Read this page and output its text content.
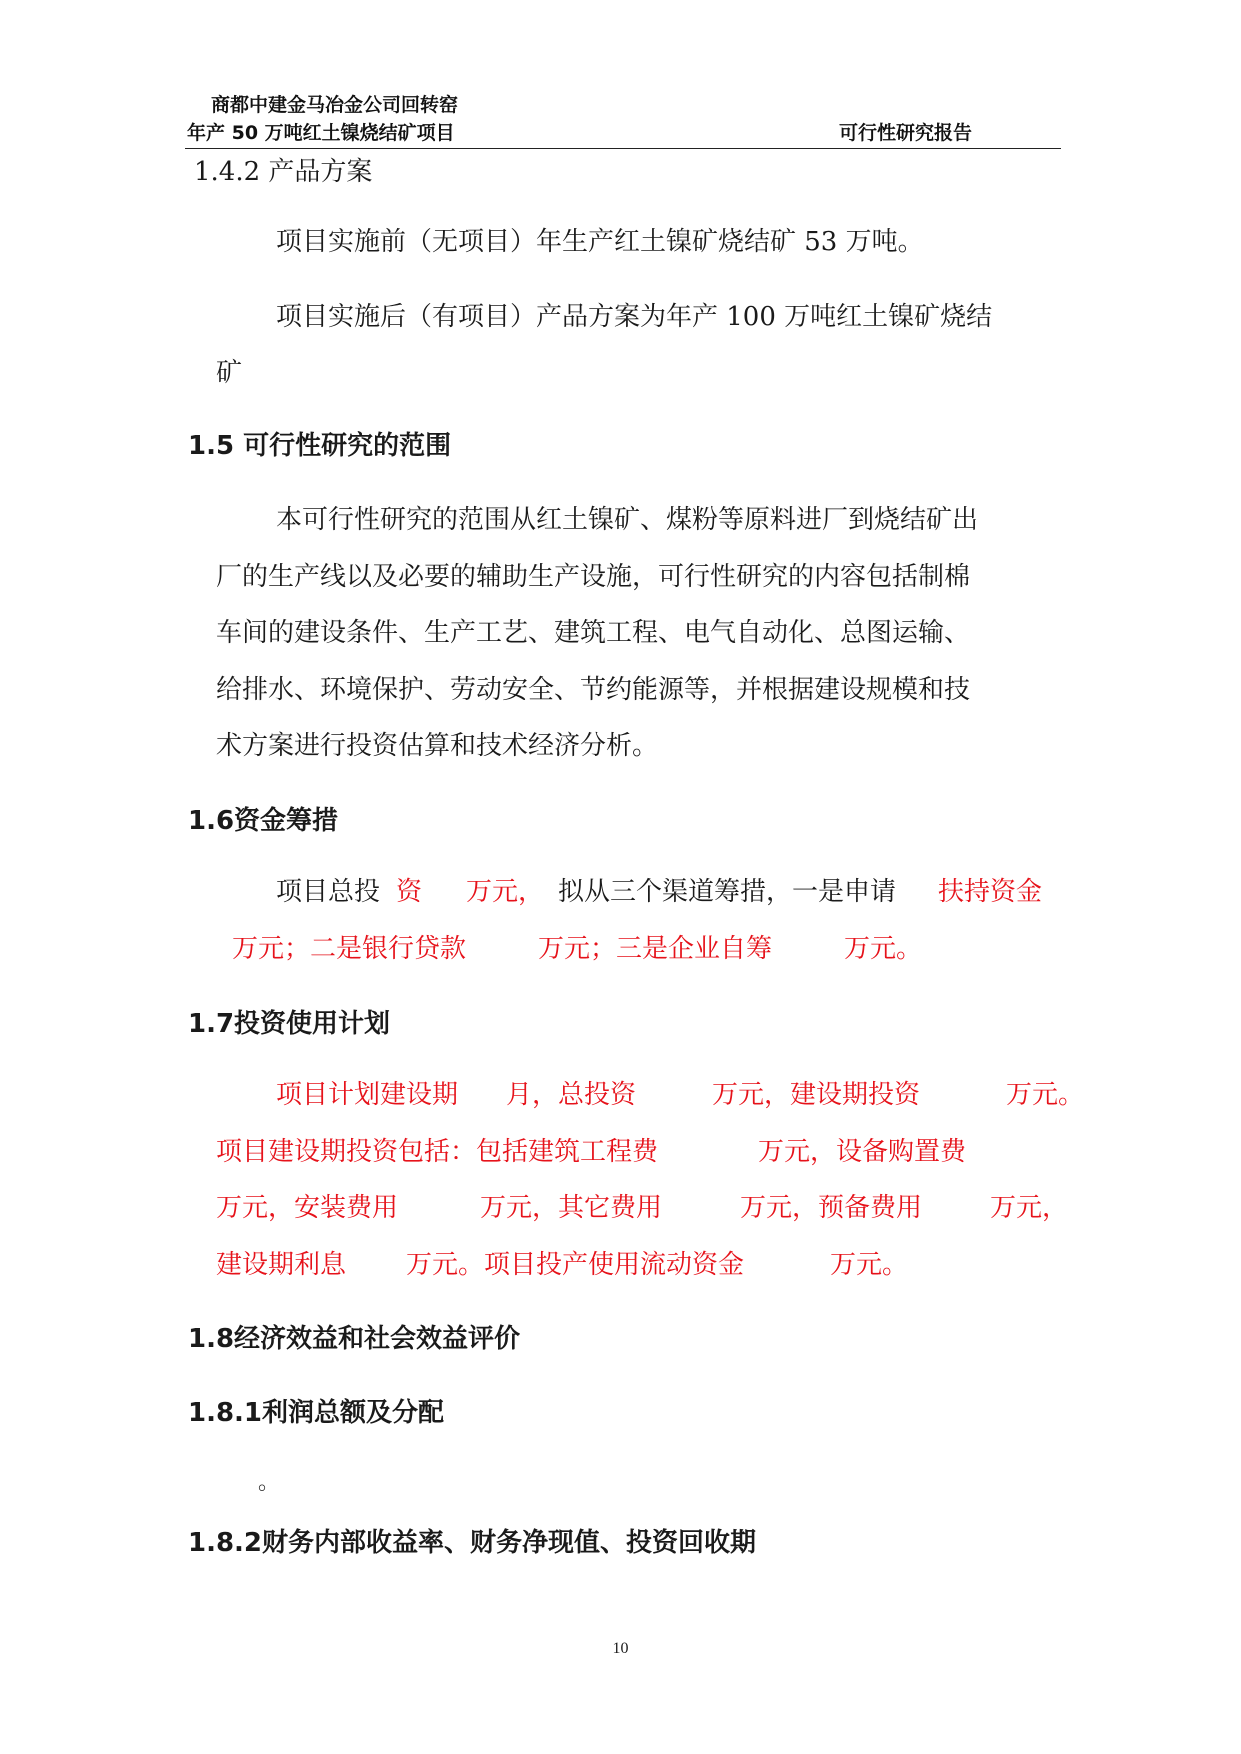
商都中建金马冶金公司回转窑
年产 50 万吨红土镍烧结矿项目	可行性研究报告
1.4.2 产品方案
项目实施前（无项目）年生产红土镍矿烧结矿 53 万吨。
项目实施后（有项目）产品方案为年产 100 万吨红土镍矿烧结
矿
1.5 可行性研究的范围
本可行性研究的范围从红土镍矿、煤粉等原料进厂到烧结矿出
厂的生产线以及必要的辅助生产设施，可行性研究的内容包括制棉
车间的建设条件、生产工艺、建筑工程、电气自动化、总图运输、
给排水、环境保护、劳动安全、节约能源等，并根据建设规模和技
术方案进行投资估算和技术经济分析。
1.6资金筹措
项目总投 资 万元， 拟从三个渠道筹措，一是申请 扶持资金
万元；二是银行贷款	万元；三是企业自筹	万元。
1.7投资使用计划
项目计划建设期 月，总投资	万元，建设期投资	万元。
项目建设期投资包括：包括建筑工程费	万元，设备购置费
万元，安装费用	万元，其它费用	万元，预备费用	万元，
建设期利息 万元。项目投产使用流动资金	万元。
1.8经济效益和社会效益评价
1.8.1利润总额及分配
。
1.8.2财务内部收益率、财务净现值、投资回收期
10
